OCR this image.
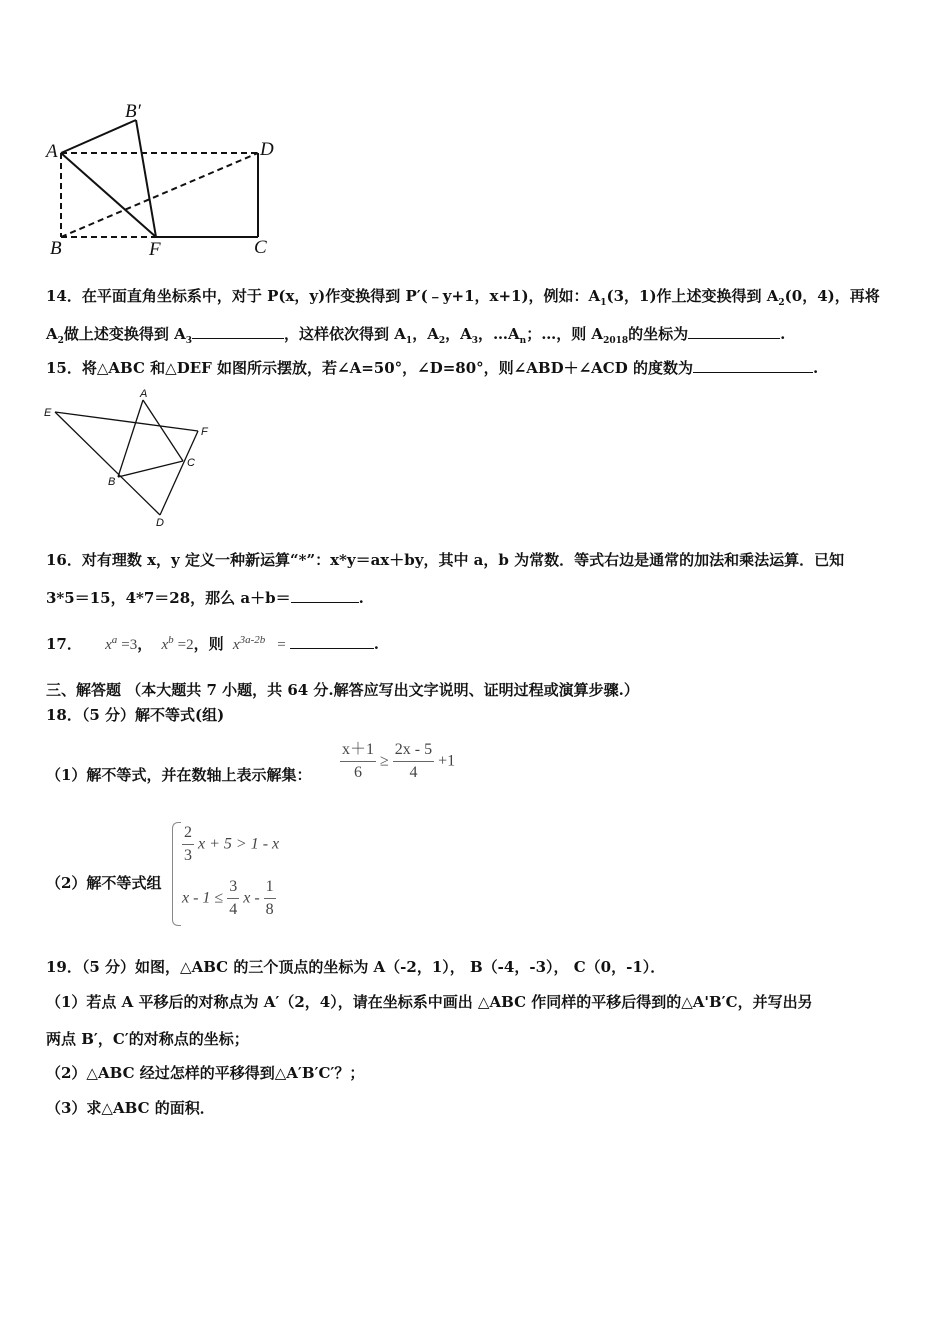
A
B′
D
B	F	C
14．在平面直角坐标系中，对于 P(x，y)作变换得到 P′(﹣y+1，x+1)，例如：$A_1(3$，1)作上述变换得到 $A_2(0$，4)，再将
$A_2$做上述变换得到 $A_3$	，这样依次得到 $A_1$，$A_2$，$A_3$，$\dots A_n$；…，则 $A_{2018}$的坐标为	.
15．将△ABC 和△DEF 如图所示摆放，若∠A=50°，∠D=80°，则∠ABD＋∠ACD 的度数为	.
A
E
F
C
B
D
16．对有理数 x，y 定义一种新运算“*”：x*y＝ax＋by，其中 a，b 为常数．等式右边是通常的加法和乘法运算．已知
3*5＝15，4*7＝28，那么 a＋b＝	.
17． $x^a =3$， $x^b =2$，则 $x^{3a-2b}$ =	.
三、解答题 （本大题共 7 小题，共 64 分.解答应写出文字说明、证明过程或演算步骤.）
18．（5 分）解不等式(组)
（1）解不等式，并在数轴上表示解集： $\frac{x+1}{6} \ge \frac{2x - 5}{4} +1$
（2）解不等式组
$\frac{2}{3}$ x + 5 > 1 - x
$x - 1 \le \frac{3}{4}$ x - $\frac{1}{8}$
19．（5 分）如图，△ABC 的三个顶点的坐标为 A（-2，1）， B（-4，-3）， C（0，-1）．
（1）若点 A 平移后的对称点为 A′（2，4），请在坐标系中画出 △ABC 作同样的平移后得到的△A'B′C，并写出另
两点 B′，C′的对称点的坐标；
（2）△ABC 经过怎样的平移得到△A′B′C′？；
（3）求△ABC 的面积．
